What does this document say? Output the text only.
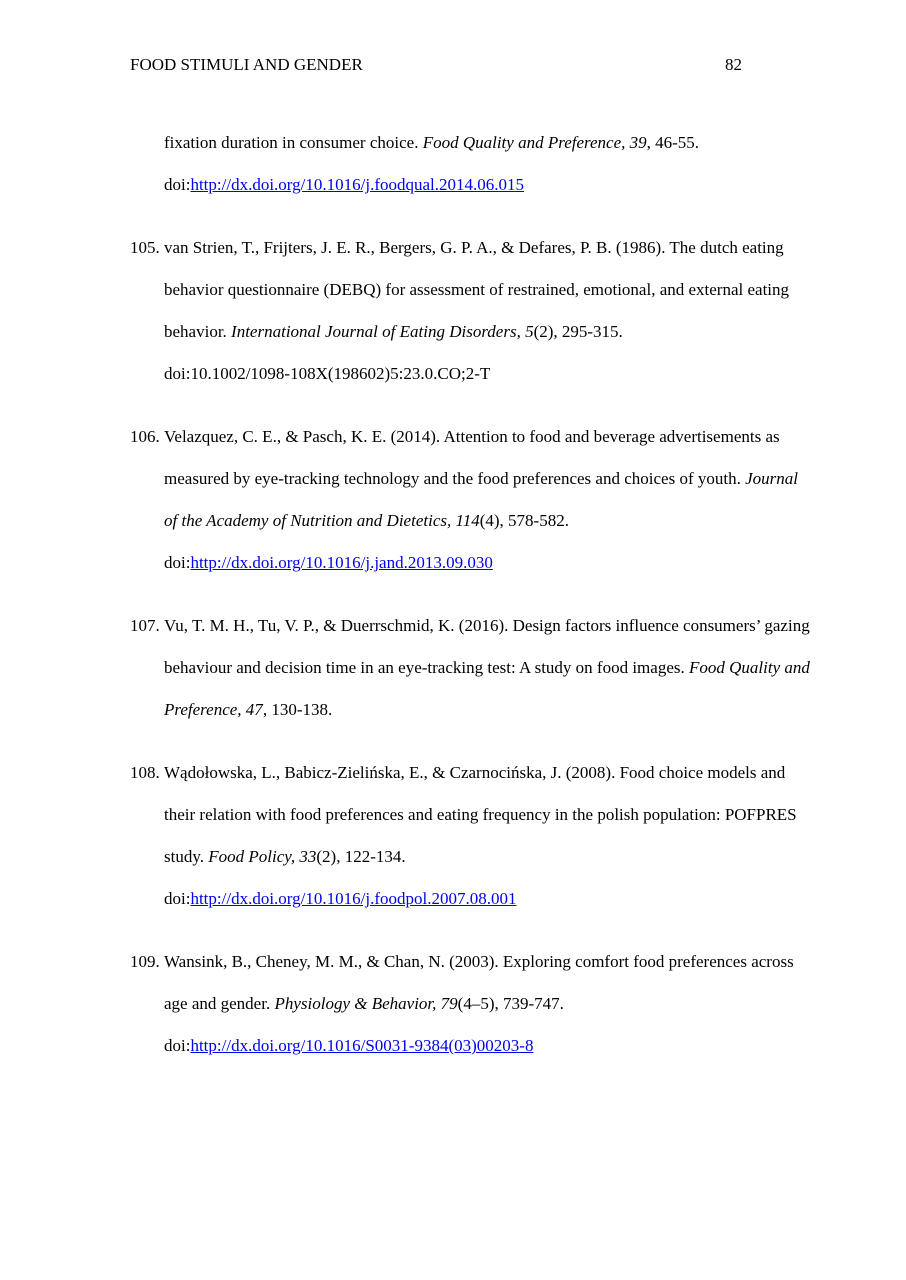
FOOD STIMULI AND GENDER	82

fixation duration in consumer choice. Food Quality and Preference, 39, 46-55.
doi:http://dx.doi.org/10.1016/j.foodqual.2014.06.015

105. van Strien, T., Frijters, J. E. R., Bergers, G. P. A., & Defares, P. B. (1986). The dutch eating behavior questionnaire (DEBQ) for assessment of restrained, emotional, and external eating behavior. International Journal of Eating Disorders, 5(2), 295-315.
doi:10.1002/1098-108X(198602)5:23.0.CO;2-T

106. Velazquez, C. E., & Pasch, K. E. (2014). Attention to food and beverage advertisements as measured by eye-tracking technology and the food preferences and choices of youth. Journal of the Academy of Nutrition and Dietetics, 114(4), 578-582.
doi:http://dx.doi.org/10.1016/j.jand.2013.09.030

107. Vu, T. M. H., Tu, V. P., & Duerrschmid, K. (2016). Design factors influence consumers’ gazing behaviour and decision time in an eye-tracking test: A study on food images. Food Quality and Preference, 47, 130-138.

108. Wądołowska, L., Babicz-Zielińska, E., & Czarnocińska, J. (2008). Food choice models and their relation with food preferences and eating frequency in the polish population: POFPRES study. Food Policy, 33(2), 122-134.
doi:http://dx.doi.org/10.1016/j.foodpol.2007.08.001

109. Wansink, B., Cheney, M. M., & Chan, N. (2003). Exploring comfort food preferences across age and gender. Physiology & Behavior, 79(4–5), 739-747.
doi:http://dx.doi.org/10.1016/S0031-9384(03)00203-8
